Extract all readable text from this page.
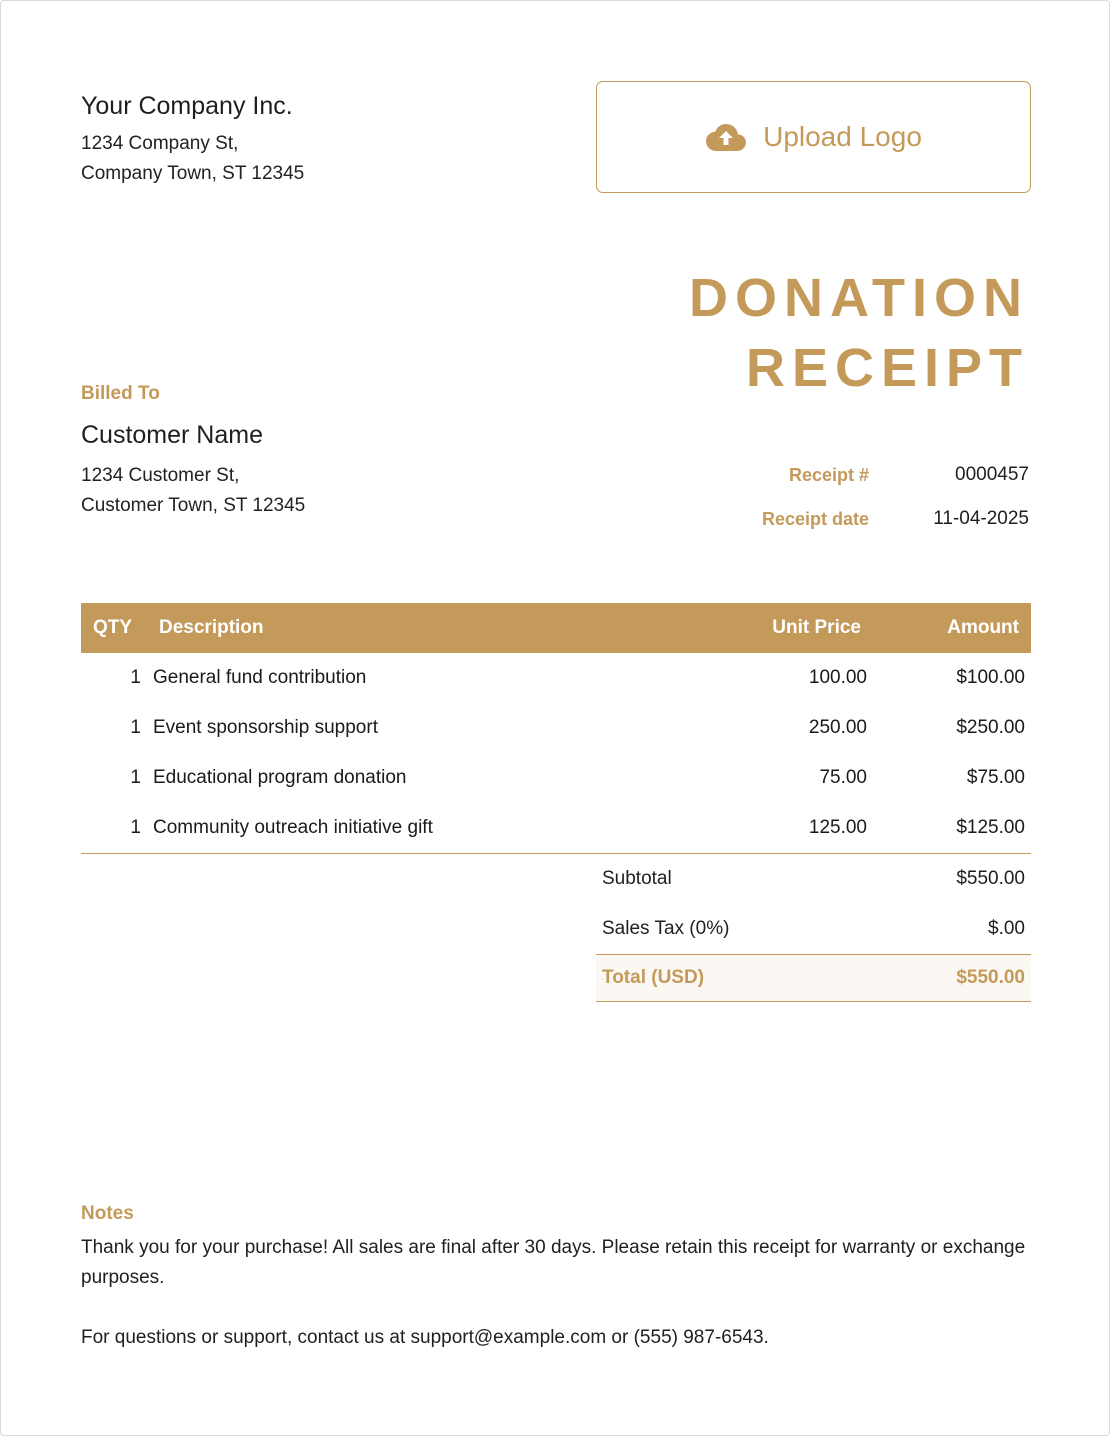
Your Company Inc.
1234 Company St,
Company Town, ST 12345
Upload Logo
DONATION
RECEIPT
Billed To
Customer Name
1234 Customer St,
Customer Town, ST 12345
Receipt #	0000457
Receipt date	11-04-2025
QTY	Description	Unit Price	Amount
1	General fund contribution	100.00	$100.00
1	Event sponsorship support	250.00	$250.00
1	Educational program donation	75.00	$75.00
1	Community outreach initiative gift	125.00	$125.00
Subtotal	$550.00
Sales Tax (0%)	$.00
Total (USD)	$550.00
Notes
Thank you for your purchase! All sales are final after 30 days. Please retain this receipt for warranty or exchange purposes.
For questions or support, contact us at support@example.com or (555) 987-6543.
